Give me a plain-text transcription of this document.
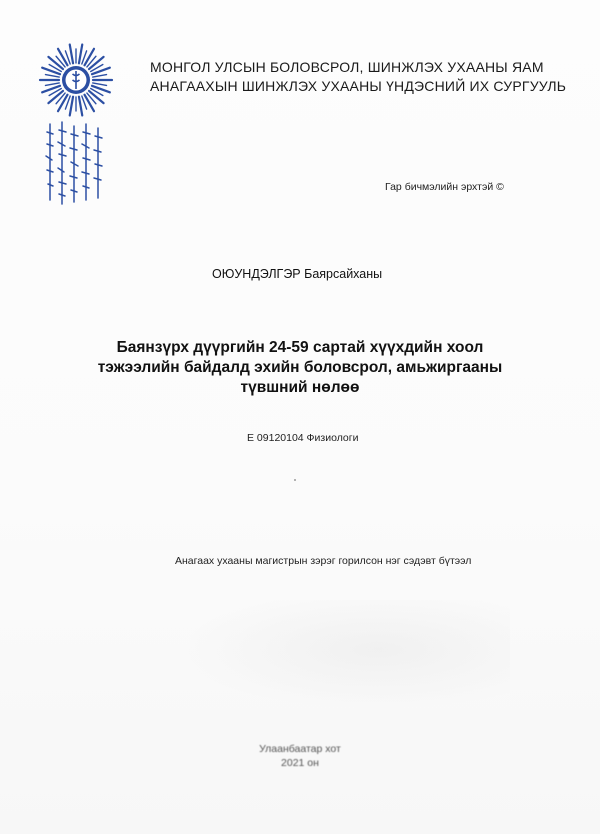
МОНГОЛ УЛСЫН БОЛОВСРОЛ, ШИНЖЛЭХ УХААНЫ ЯАМ
АНАГААХЫН ШИНЖЛЭХ УХААНЫ ҮНДЭСНИЙ ИХ СУРГУУЛЬ
Гар бичмэлийн эрхтэй ©
ОЮУНДЭЛГЭР Баярсайханы
Баянзүрх дүүргийн 24-59 сартай хүүхдийн хоол
тэжээлийн байдалд эхийн боловсрол, амьжиргааны
түвшний нөлөө
Е 09120104 Физиологи
Анагаах ухааны магистрын зэрэг горилсон нэг сэдэвт бүтээл
Улаанбаатар хот
2021 он
